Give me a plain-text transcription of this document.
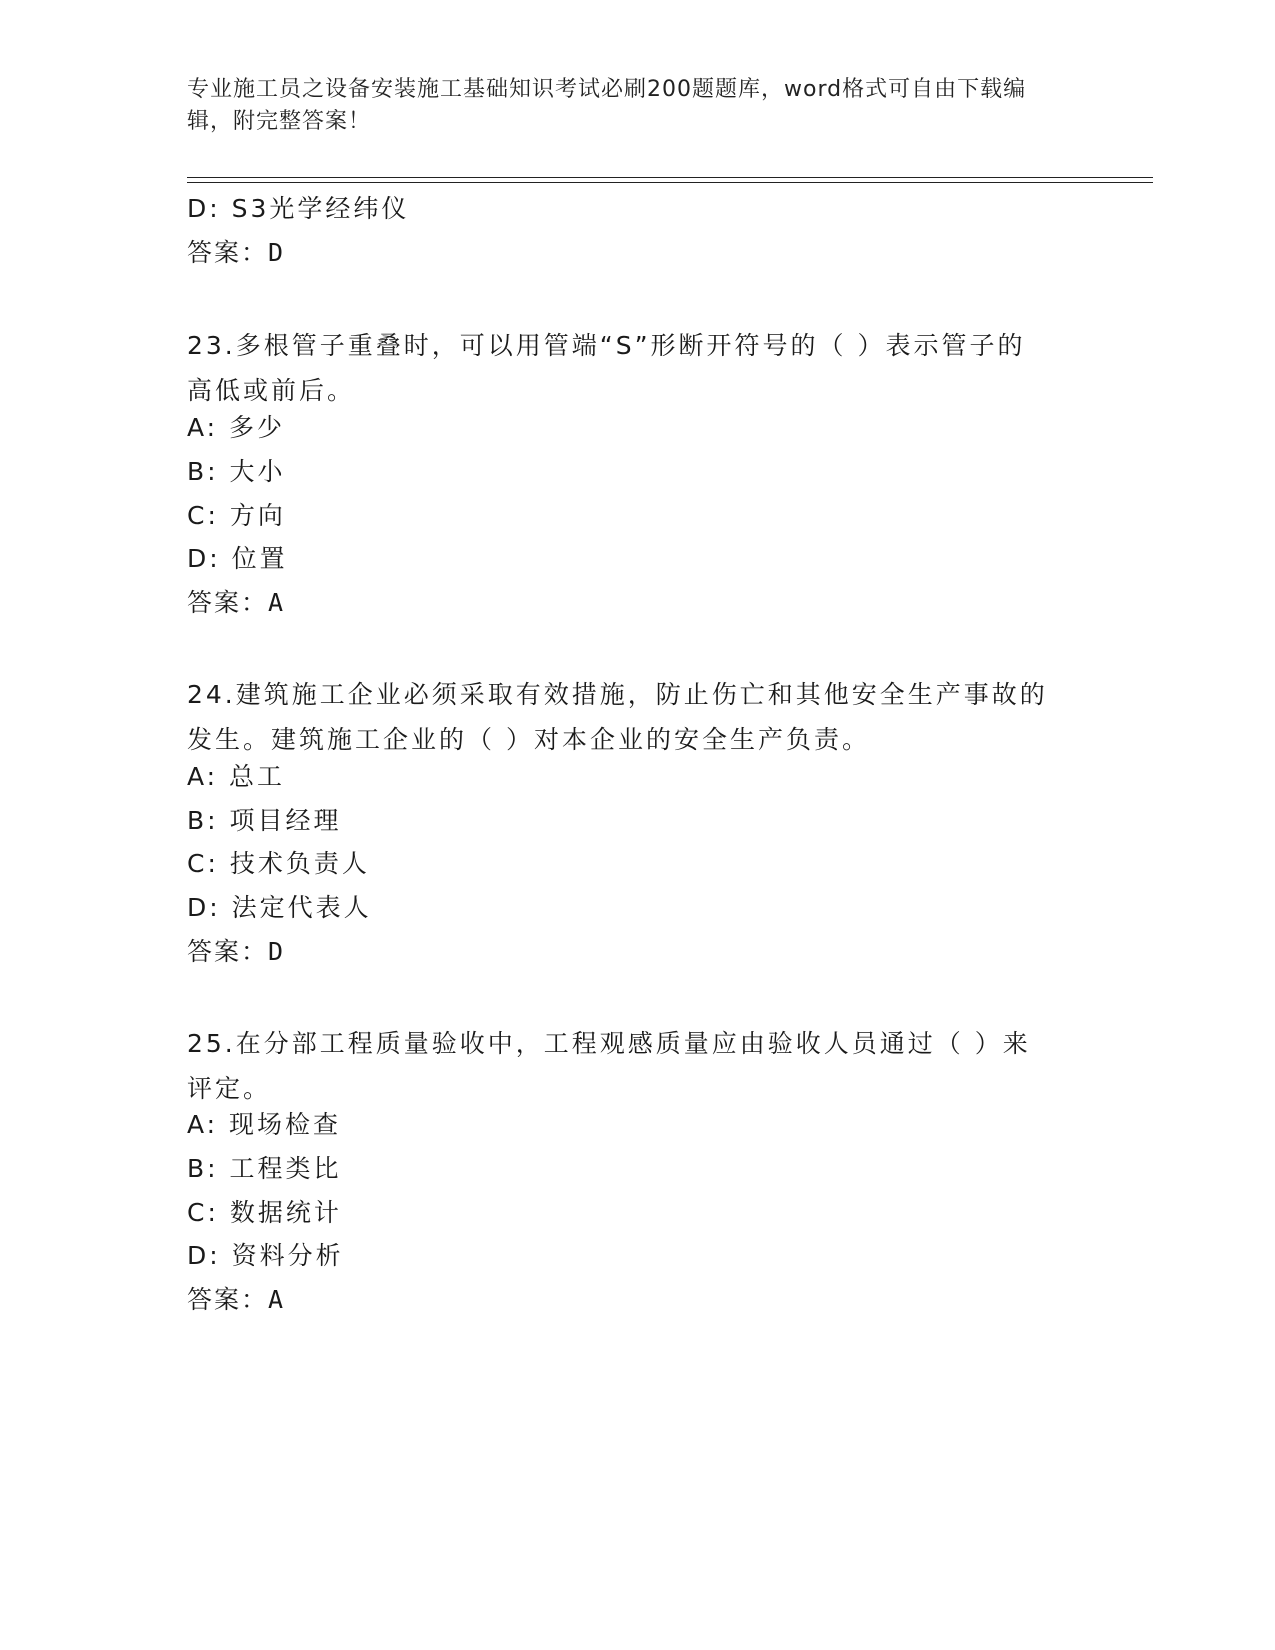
专业施工员之设备安装施工基础知识考试必刷200题题库，word格式可自由下载编辑，附完整答案！
D: S3光学经纬仪
答案：D
23.多根管子重叠时，可以用管端“S”形断开符号的（ ）表示管子的
高低或前后。
A: 多少
B: 大小
C: 方向
D: 位置
答案：A
24.建筑施工企业必须采取有效措施，防止伤亡和其他安全生产事故的
发生。建筑施工企业的（ ）对本企业的安全生产负责。
A: 总工
B: 项目经理
C: 技术负责人
D: 法定代表人
答案：D
25.在分部工程质量验收中，工程观感质量应由验收人员通过（ ）来
评定。
A: 现场检查
B: 工程类比
C: 数据统计
D: 资料分析
答案：A
